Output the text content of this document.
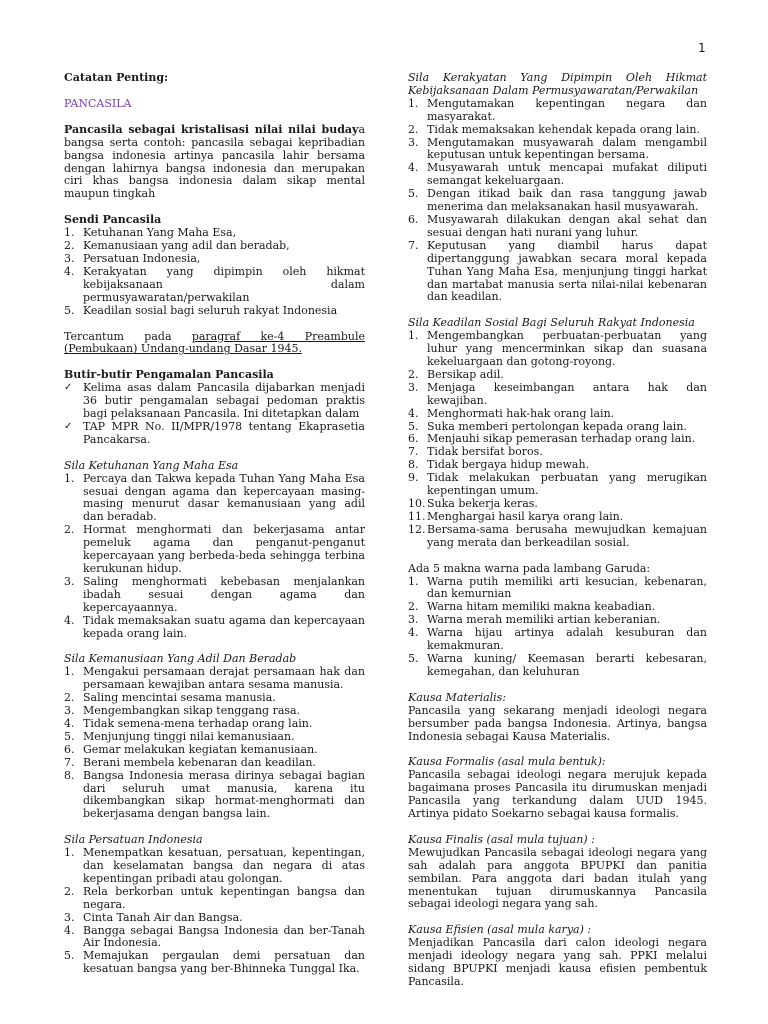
1
Catatan Penting:
PANCASILA
Pancasila sebagai kristalisasi nilai nilai budaya bangsa serta contoh: pancasila sebagai kepribadian bangsa indonesia artinya pancasila lahir bersama dengan lahirnya bangsa indonesia dan merupakan ciri khas bangsa indonesia dalam sikap mental maupun tingkah
Sendi Pancasila
1. Ketuhanan Yang Maha Esa,
2. Kemanusiaan yang adil dan beradab,
3. Persatuan Indonesia,
4. Kerakyatan yang dipimpin oleh hikmat kebijaksanaan dalam permusyawaratan/perwakilan
5. Keadilan sosial bagi seluruh rakyat Indonesia
Tercantum pada paragraf ke-4 Preambule (Pembukaan) Undang-undang Dasar 1945.
Butir-butir Pengamalan Pancasila
✓ Kelima asas dalam Pancasila dijabarkan menjadi 36 butir pengamalan sebagai pedoman praktis bagi pelaksanaan Pancasila. Ini ditetapkan dalam
✓ TAP MPR No. II/MPR/1978 tentang Ekaprasetia Pancakarsa.
Sila Ketuhanan Yang Maha Esa
1. Percaya dan Takwa kepada Tuhan Yang Maha Esa sesuai dengan agama dan kepercayaan masing-masing menurut dasar kemanusiaan yang adil dan beradab.
2. Hormat menghormati dan bekerjasama antar pemeluk agama dan penganut-penganut kepercayaan yang berbeda-beda sehingga terbina kerukunan hidup.
3. Saling menghormati kebebasan menjalankan ibadah sesuai dengan agama dan kepercayaannya.
4. Tidak memaksakan suatu agama dan kepercayaan kepada orang lain.
Sila Kemanusiaan Yang Adil Dan Beradab
1. Mengakui persamaan derajat persamaan hak dan persamaan kewajiban antara sesama manusia.
2. Saling mencintai sesama manusia.
3. Mengembangkan sikap tenggang rasa.
4. Tidak semena-mena terhadap orang lain.
5. Menjunjung tinggi nilai kemanusiaan.
6. Gemar melakukan kegiatan kemanusiaan.
7. Berani membela kebenaran dan keadilan.
8. Bangsa Indonesia merasa dirinya sebagai bagian dari seluruh umat manusia, karena itu dikembangkan sikap hormat-menghormati dan bekerjasama dengan bangsa lain.
Sila Persatuan Indonesia
1. Menempatkan kesatuan, persatuan, kepentingan, dan keselamatan bangsa dan negara di atas kepentingan pribadi atau golongan.
2. Rela berkorban untuk kepentingan bangsa dan negara.
3. Cinta Tanah Air dan Bangsa.
4. Bangga sebagai Bangsa Indonesia dan ber-Tanah Air Indonesia.
5. Memajukan pergaulan demi persatuan dan kesatuan bangsa yang ber-Bhinneka Tunggal Ika.
Sila Kerakyatan Yang Dipimpin Oleh Hikmat
Kebijaksanaan Dalam Permusyawaratan/Perwakilan
1. Mengutamakan kepentingan negara dan masyarakat.
2. Tidak memaksakan kehendak kepada orang lain.
3. Mengutamakan musyawarah dalam mengambil keputusan untuk kepentingan bersama.
4. Musyawarah untuk mencapai mufakat diliputi semangat kekeluargaan.
5. Dengan itikad baik dan rasa tanggung jawab menerima dan melaksanakan hasil musyawarah.
6. Musyawarah dilakukan dengan akal sehat dan sesuai dengan hati nurani yang luhur.
7. Keputusan yang diambil harus dapat dipertanggung jawabkan secara moral kepada Tuhan Yang Maha Esa, menjunjung tinggi harkat dan martabat manusia serta nilai-nilai kebenaran dan keadilan.
Sila Keadilan Sosial Bagi Seluruh Rakyat Indonesia
1. Mengembangkan perbuatan-perbuatan yang luhur yang mencerminkan sikap dan suasana kekeluargaan dan gotong-royong.
2. Bersikap adil.
3. Menjaga keseimbangan antara hak dan kewajiban.
4. Menghormati hak-hak orang lain.
5. Suka memberi pertolongan kepada orang lain.
6. Menjauhi sikap pemerasan terhadap orang lain.
7. Tidak bersifat boros.
8. Tidak bergaya hidup mewah.
9. Tidak melakukan perbuatan yang merugikan kepentingan umum.
10. Suka bekerja keras.
11. Menghargai hasil karya orang lain.
12. Bersama-sama berusaha mewujudkan kemajuan yang merata dan berkeadilan sosial.
Ada 5 makna warna pada lambang Garuda:
1. Warna putih memiliki arti kesucian, kebenaran, dan kemurnian
2. Warna hitam memiliki makna keabadian.
3. Warna merah memiliki artian keberanian.
4. Warna hijau artinya adalah kesuburan dan kemakmuran.
5. Warna kuning/ Keemasan berarti kebesaran, kemegahan, dan keluhuran
Kausa Materialis:
Pancasila yang sekarang menjadi ideologi negara bersumber pada bangsa Indonesia. Artinya, bangsa Indonesia sebagai Kausa Materialis.
Kausa Formalis (asal mula bentuk):
Pancasila sebagai ideologi negara merujuk kepada bagaimana proses Pancasila itu dirumuskan menjadi Pancasila yang terkandung dalam UUD 1945. Artinya pidato Soekarno sebagai kausa formalis.
Kausa Finalis (asal mula tujuan) :
Mewujudkan Pancasila sebagai ideologi negara yang sah adalah para anggota BPUPKI dan panitia sembilan. Para anggota dari badan itulah yang menentukan tujuan dirumuskannya Pancasila sebagai ideologi negara yang sah.
Kausa Efisien (asal mula karya) :
Menjadikan Pancasila dari calon ideologi negara menjadi ideology negara yang sah. PPKI melalui sidang BPUPKI menjadi kausa efisien pembentuk Pancasila.
